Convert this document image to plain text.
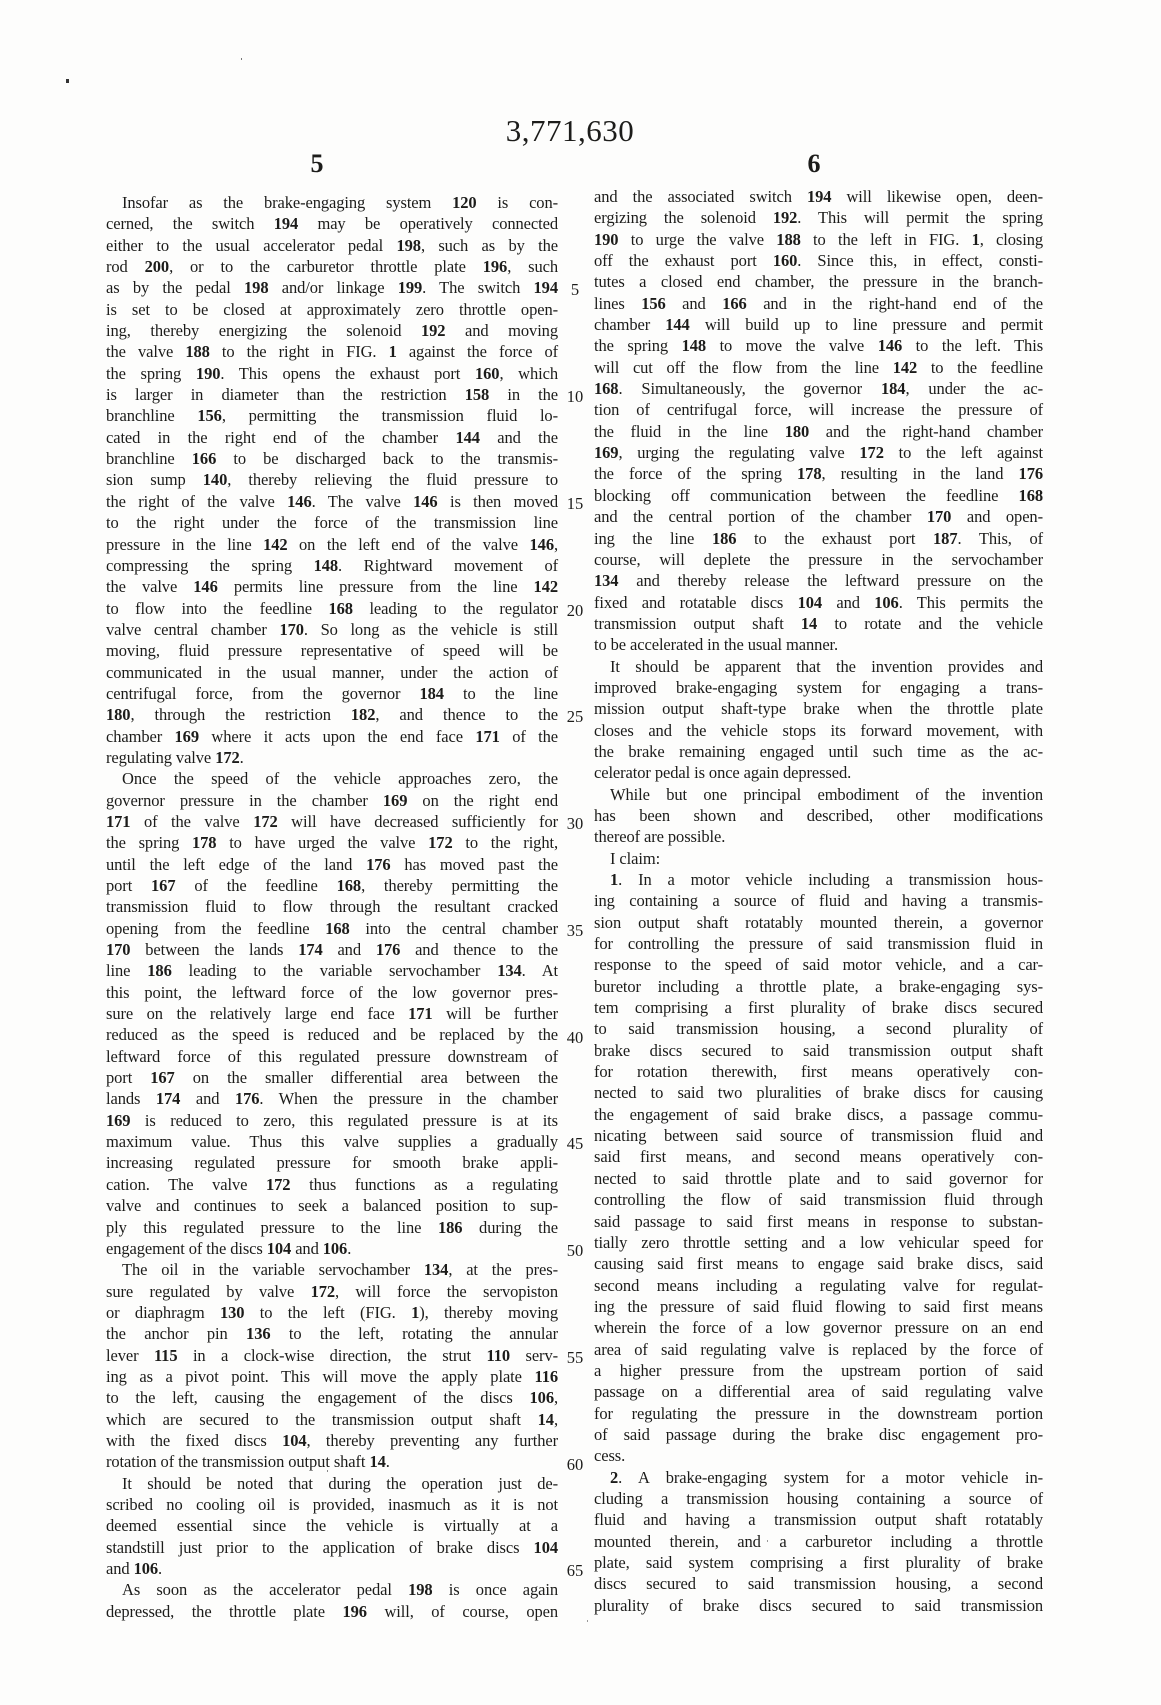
3,771,630
5	6
Insofar as the brake-engaging system 120 is con-
cerned, the switch 194 may be operatively connected
either to the usual accelerator pedal 198, such as by the
rod 200, or to the carburetor throttle plate 196, such
as by the pedal 198 and/or linkage 199. The switch 194
is set to be closed at approximately zero throttle open-
ing, thereby energizing the solenoid 192 and moving
the valve 188 to the right in FIG. 1 against the force of
the spring 190. This opens the exhaust port 160, which
is larger in diameter than the restriction 158 in the
branchline 156, permitting the transmission fluid lo-
cated in the right end of the chamber 144 and the
branchline 166 to be discharged back to the transmis-
sion sump 140, thereby relieving the fluid pressure to
the right of the valve 146. The valve 146 is then moved
to the right under the force of the transmission line
pressure in the line 142 on the left end of the valve 146,
compressing the spring 148. Rightward movement of
the valve 146 permits line pressure from the line 142
to flow into the feedline 168 leading to the regulator
valve central chamber 170. So long as the vehicle is still
moving, fluid pressure representative of speed will be
communicated in the usual manner, under the action of
centrifugal force, from the governor 184 to the line
180, through the restriction 182, and thence to the
chamber 169 where it acts upon the end face 171 of the
regulating valve 172.
Once the speed of the vehicle approaches zero, the
governor pressure in the chamber 169 on the right end
171 of the valve 172 will have decreased sufficiently for
the spring 178 to have urged the valve 172 to the right,
until the left edge of the land 176 has moved past the
port 167 of the feedline 168, thereby permitting the
transmission fluid to flow through the resultant cracked
opening from the feedline 168 into the central chamber
170 between the lands 174 and 176 and thence to the
line 186 leading to the variable servochamber 134. At
this point, the leftward force of the low governor pres-
sure on the relatively large end face 171 will be further
reduced as the speed is reduced and be replaced by the
leftward force of this regulated pressure downstream of
port 167 on the smaller differential area between the
lands 174 and 176. When the pressure in the chamber
169 is reduced to zero, this regulated pressure is at its
maximum value. Thus this valve supplies a gradually
increasing regulated pressure for smooth brake appli-
cation. The valve 172 thus functions as a regulating
valve and continues to seek a balanced position to sup-
ply this regulated pressure to the line 186 during the
engagement of the discs 104 and 106.
The oil in the variable servochamber 134, at the pres-
sure regulated by valve 172, will force the servopiston
or diaphragm 130 to the left (FIG. 1), thereby moving
the anchor pin 136 to the left, rotating the annular
lever 115 in a clock-wise direction, the strut 110 serv-
ing as a pivot point. This will move the apply plate 116
to the left, causing the engagement of the discs 106,
which are secured to the transmission output shaft 14,
with the fixed discs 104, thereby preventing any further
rotation of the transmission output shaft 14.
It should be noted that during the operation just de-
scribed no cooling oil is provided, inasmuch as it is not
deemed essential since the vehicle is virtually at a
standstill just prior to the application of brake discs 104
and 106.
As soon as the accelerator pedal 198 is once again
depressed, the throttle plate 196 will, of course, open
5
10
15
20
25
30
35
40
45
50
55
60
65
and the associated switch 194 will likewise open, deen-
ergizing the solenoid 192. This will permit the spring
190 to urge the valve 188 to the left in FIG. 1, closing
off the exhaust port 160. Since this, in effect, consti-
tutes a closed end chamber, the pressure in the branch-
lines 156 and 166 and in the right-hand end of the
chamber 144 will build up to line pressure and permit
the spring 148 to move the valve 146 to the left. This
will cut off the flow from the line 142 to the feedline
168. Simultaneously, the governor 184, under the ac-
tion of centrifugal force, will increase the pressure of
the fluid in the line 180 and the right-hand chamber
169, urging the regulating valve 172 to the left against
the force of the spring 178, resulting in the land 176
blocking off communication between the feedline 168
and the central portion of the chamber 170 and open-
ing the line 186 to the exhaust port 187. This, of
course, will deplete the pressure in the servochamber
134 and thereby release the leftward pressure on the
fixed and rotatable discs 104 and 106. This permits the
transmission output shaft 14 to rotate and the vehicle
to be accelerated in the usual manner.
It should be apparent that the invention provides and
improved brake-engaging system for engaging a trans-
mission output shaft-type brake when the throttle plate
closes and the vehicle stops its forward movement, with
the brake remaining engaged until such time as the ac-
celerator pedal is once again depressed.
While but one principal embodiment of the invention
has been shown and described, other modifications
thereof are possible.
I claim:
1. In a motor vehicle including a transmission hous-
ing containing a source of fluid and having a transmis-
sion output shaft rotatably mounted therein, a governor
for controlling the pressure of said transmission fluid in
response to the speed of said motor vehicle, and a car-
buretor including a throttle plate, a brake-engaging sys-
tem comprising a first plurality of brake discs secured
to said transmission housing, a second plurality of
brake discs secured to said transmission output shaft
for rotation therewith, first means operatively con-
nected to said two pluralities of brake discs for causing
the engagement of said brake discs, a passage commu-
nicating between said source of transmission fluid and
said first means, and second means operatively con-
nected to said throttle plate and to said governor for
controlling the flow of said transmission fluid through
said passage to said first means in response to substan-
tially zero throttle setting and a low vehicular speed for
causing said first means to engage said brake discs, said
second means including a regulating valve for regulat-
ing the pressure of said fluid flowing to said first means
wherein the force of a low governor pressure on an end
area of said regulating valve is replaced by the force of
a higher pressure from the upstream portion of said
passage on a differential area of said regulating valve
for regulating the pressure in the downstream portion
of said passage during the brake disc engagement pro-
cess.
2. A brake-engaging system for a motor vehicle in-
cluding a transmission housing containing a source of
fluid and having a transmission output shaft rotatably
mounted therein, and a carburetor including a throttle
plate, said system comprising a first plurality of brake
discs secured to said transmission housing, a second
plurality of brake discs secured to said transmission
